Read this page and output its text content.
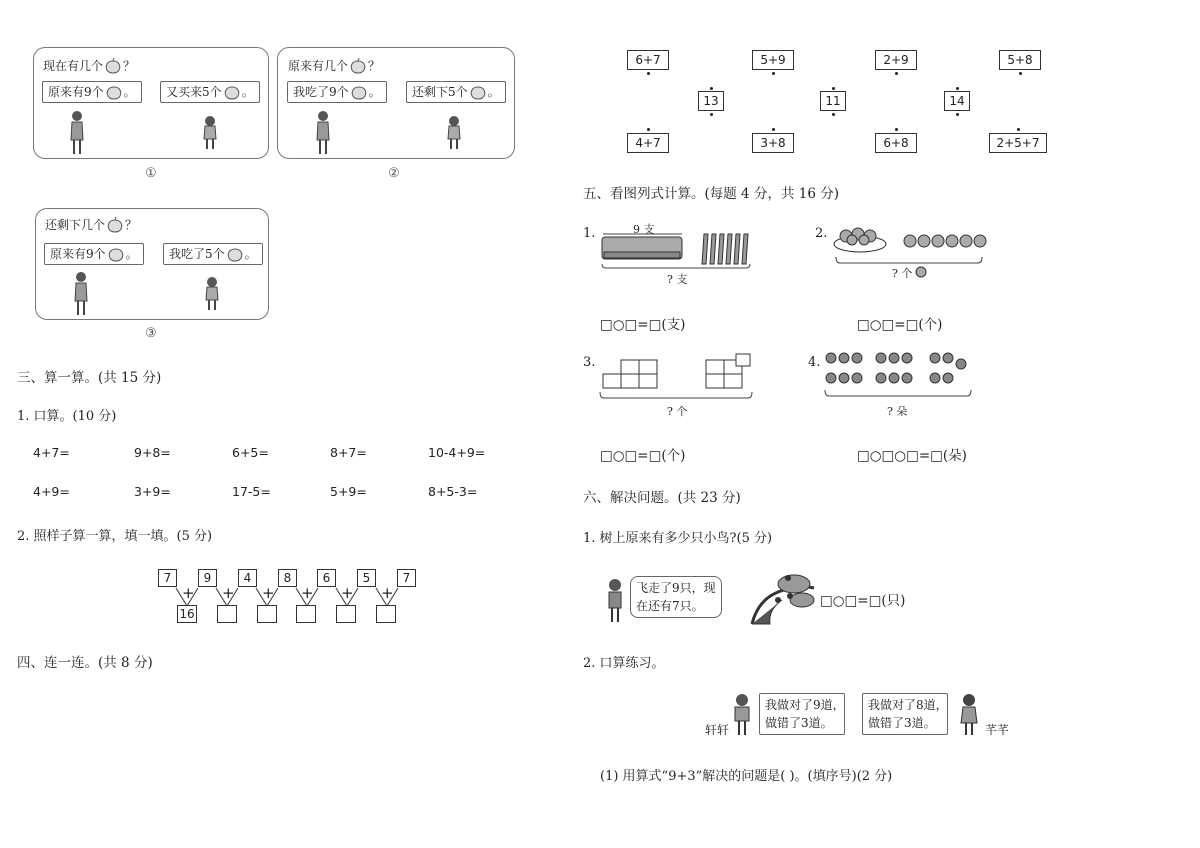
现在有几个 ？
原来有9个 。	又买来5个 。
①
原来有几个 ？
我吃了9个 。	还剩下5个 。
②
还剩下几个 ？
原来有9个 。	我吃了5个 。
③
三、算一算。(共 15 分)
1. 口算。(10 分)
4+7=	9+8=	6+5=	8+7=	10-4+9=
4+9=	3+9=	17-5=	5+9=	8+5-3=
2. 照样子算一算，填一填。(5 分)
7	9	4	8	6	5	7
+ + + + + +
16
四、连一连。(共 8 分)
6+7	5+9	2+9	5+8
13	11	14
4+7	3+8	6+8	2+5+7
五、看图列式计算。(每题 4 分，共 16 分)
1.	9 支
? 支
□○□=□(支)
2.
? 个
□○□=□(个)
3.
? 个
□○□=□(个)
4.
? 朵
□○□○□=□(朵)
六、解决问题。(共 23 分)
1. 树上原来有多少只小鸟?(5 分)
飞走了9只，现
在还有7只。	□○□=□(只)
2. 口算练习。
轩轩
我做对了9道，
做错了3道。
我做对了8道，
做错了3道。	芊芊
(1) 用算式“9+3”解决的问题是( )。(填序号)(2 分)
